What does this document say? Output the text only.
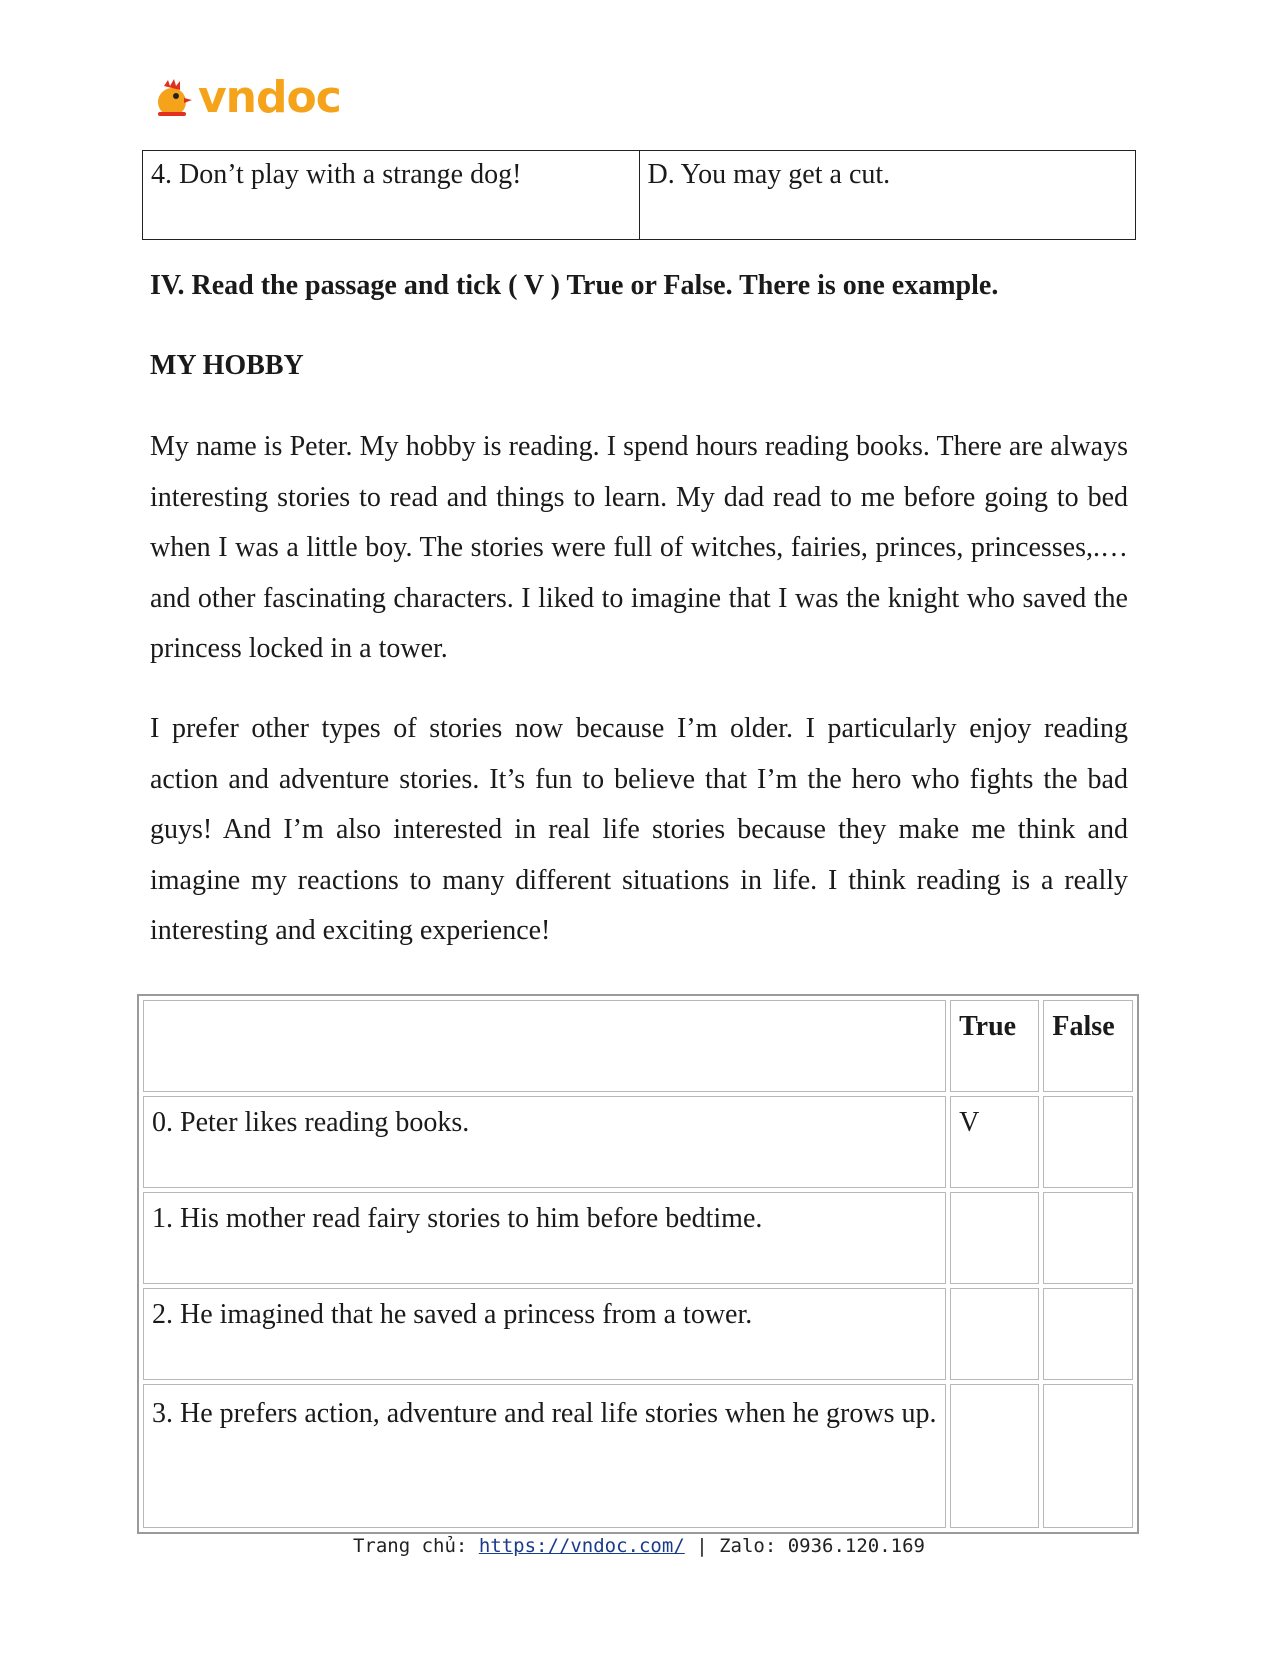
vndoc
4. Don’t play with a strange dog!	D. You may get a cut.

IV. Read the passage and tick ( V ) True or False. There is one example.

MY HOBBY

My name is Peter. My hobby is reading. I spend hours reading books. There are always interesting stories to read and things to learn. My dad read to me before going to bed when I was a little boy. The stories were full of witches, fairies, princes, princesses,.… and other fascinating characters. I liked to imagine that I was the knight who saved the princess locked in a tower.

I prefer other types of stories now because I’m older. I particularly enjoy reading action and adventure stories. It’s fun to believe that I’m the hero who fights the bad guys! And I’m also interested in real life stories because they make me think and imagine my reactions to many different situations in life. I think reading is a really interesting and exciting experience!

	True	False
0. Peter likes reading books.	V	
1. His mother read fairy stories to him before bedtime.		
2. He imagined that he saved a princess from a tower.		
3. He prefers action, adventure and real life stories when he grows up.		
Trang chủ: https://vndoc.com/ | Zalo: 0936.120.169
